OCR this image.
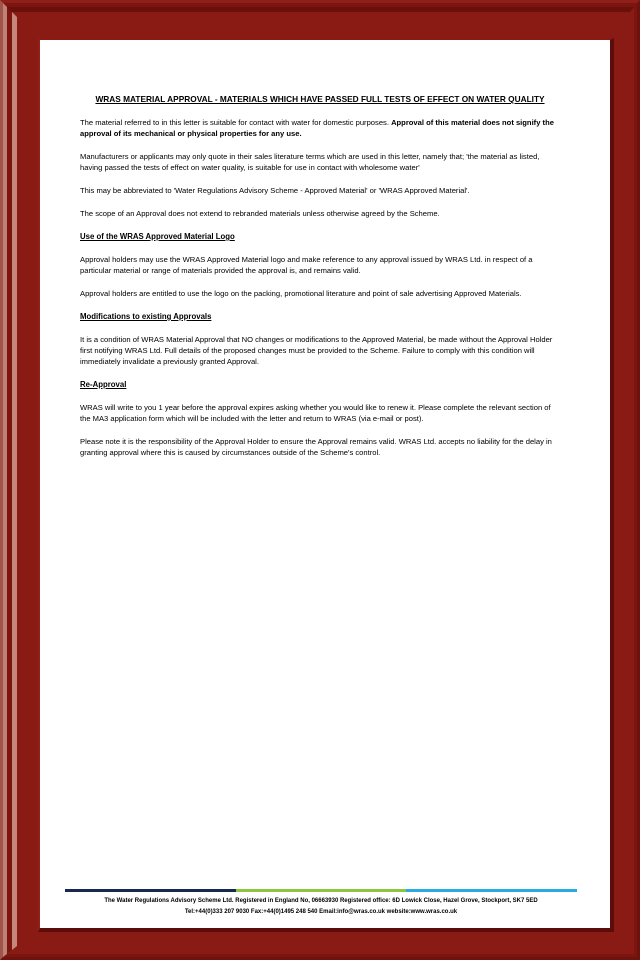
WRAS MATERIAL APPROVAL - MATERIALS WHICH HAVE PASSED FULL TESTS OF EFFECT ON WATER QUALITY

The material referred to in this letter is suitable for contact with water for domestic purposes. Approval of this material does not signify the approval of its mechanical or physical properties for any use.

Manufacturers or applicants may only quote in their sales literature terms which are used in this letter, namely that; 'the material as listed, having passed the tests of effect on water quality, is suitable for use in contact with wholesome water'

This may be abbreviated to 'Water Regulations Advisory Scheme - Approved Material' or 'WRAS Approved Material'.

The scope of an Approval does not extend to rebranded materials unless otherwise agreed by the Scheme.

Use of the WRAS Approved Material Logo

Approval holders may use the WRAS Approved Material logo and make reference to any approval issued by WRAS Ltd. in respect of a particular material or range of materials provided the approval is, and remains valid.

Approval holders are entitled to use the logo on the packing, promotional literature and point of sale advertising Approved Materials.

Modifications to existing Approvals

It is a condition of WRAS Material Approval that NO changes or modifications to the Approved Material, be made without the Approval Holder first notifying WRAS Ltd. Full details of the proposed changes must be provided to the Scheme. Failure to comply with this condition will immediately invalidate a previously granted Approval.

Re-Approval

WRAS will write to you 1 year before the approval expires asking whether you would like to renew it. Please complete the relevant section of the MA3 application form which will be included with the letter and return to WRAS (via e-mail or post).

Please note it is the responsibility of the Approval Holder to ensure the Approval remains valid. WRAS Ltd. accepts no liability for the delay in granting approval where this is caused by circumstances outside of the Scheme's control.

The Water Regulations Advisory Scheme Ltd. Registered in England No, 06663930 Registered office: 6D Lowick Close, Hazel Grove, Stockport, SK7 5ED
Tel:+44(0)333 207 9030 Fax:+44(0)1495 248 540 Email:info@wras.co.uk website:www.wras.co.uk
